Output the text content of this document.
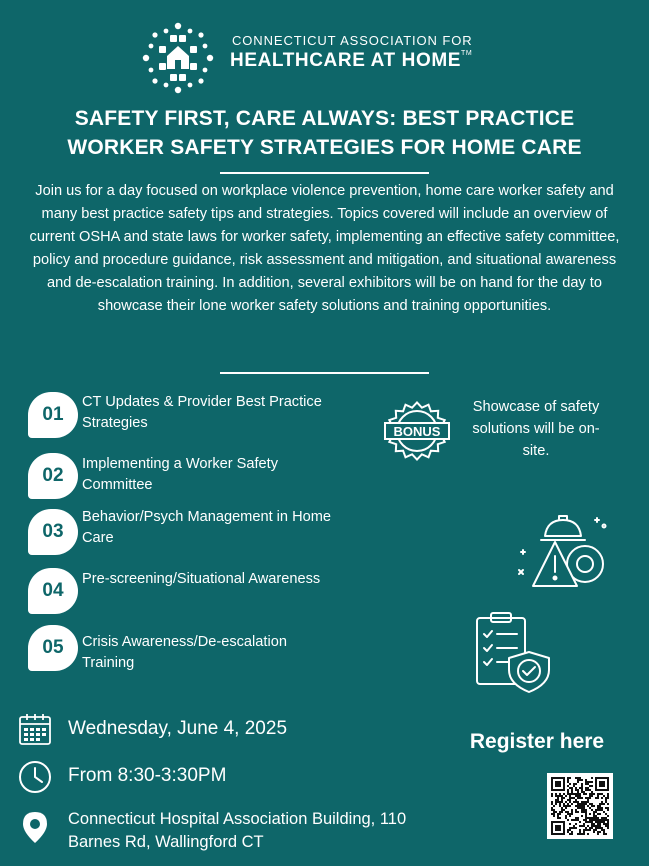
CONNECTICUT ASSOCIATION FOR
HEALTHCARE AT HOME™
SAFETY FIRST, CARE ALWAYS: BEST PRACTICE
WORKER SAFETY STRATEGIES FOR HOME CARE
Join us for a day focused on workplace violence prevention, home care worker safety and many best practice safety tips and strategies. Topics covered will include an overview of current OSHA and state laws for worker safety, implementing an effective safety committee, policy and procedure guidance, risk assessment and mitigation, and situational awareness and de-escalation training. In addition, several exhibitors will be on hand for the day to showcase their lone worker safety solutions and training opportunities.
01
CT Updates & Provider Best Practice Strategies
02
Implementing a Worker Safety Committee
03
Behavior/Psych Management in Home Care
04
Pre-screening/Situational Awareness
05	Crisis Awareness/De-escalation Training
BONUS
Showcase of safety solutions will be on-site.
Wednesday, June 4, 2025
From 8:30-3:30PM
Connecticut Hospital Association Building, 110 Barnes Rd, Wallingford CT
Register here
